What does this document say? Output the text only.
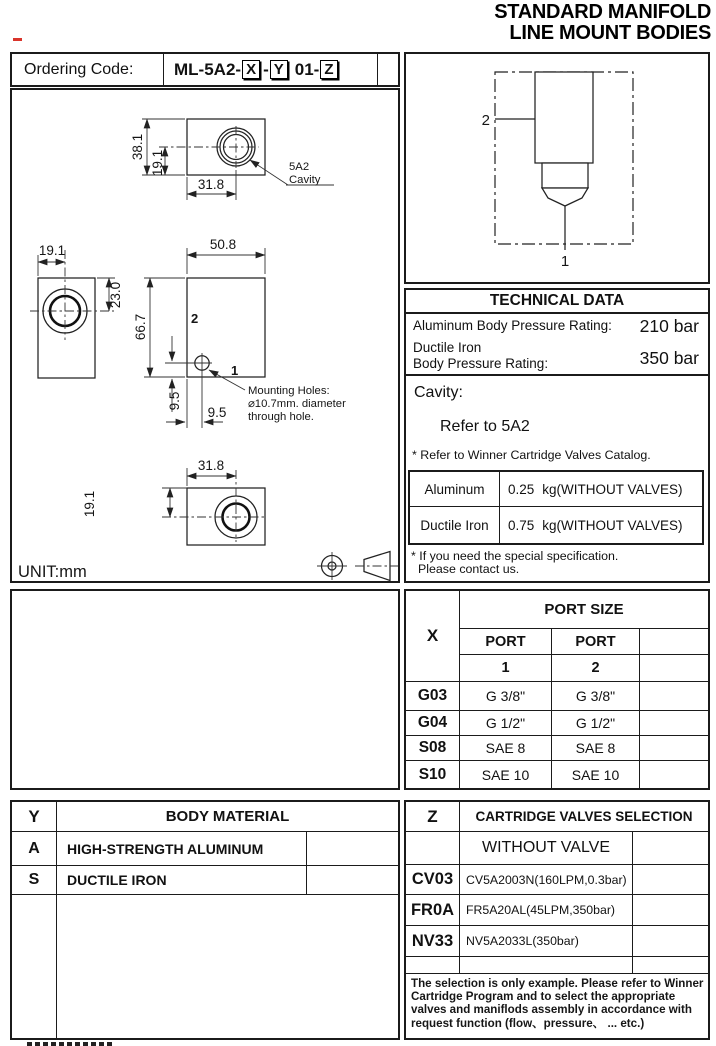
STANDARD MANIFOLD
LINE MOUNT BODIES
Ordering Code:	ML-5A2- X - Y 01- Z
38.1
19.1
31.8
5A2
Cavity
19.1
23.0
50.8
66.7	2
1
9.5
9.5
Mounting Holes:
⌀10.7mm. diameter
through hole.
31.8
19.1
UNIT:mm
2
1
TECHNICAL DATA
Aluminum Body Pressure Rating: 210 bar
Ductile Iron
Body Pressure Rating:	350 bar
Cavity:
Refer to 5A2
* Refer to Winner Cartridge Valves Catalog.
Aluminum	0.25 kg(WITHOUT VALVES)
Ductile Iron	0.75 kg(WITHOUT VALVES)
* If you need the special specification.
Please contact us.
X
PORT SIZE
PORT	PORT
1	2
G03	G 3/8"	G 3/8"
G04	G 1/2"	G 1/2"
S08	SAE 8	SAE 8
S10	SAE 10	SAE 10
Y	BODY MATERIAL
A	HIGH-STRENGTH ALUMINUM
S	DUCTILE IRON
Z	CARTRIDGE VALVES SELECTION
WITHOUT VALVE
CV03	CV5A2003N(160LPM,0.3bar)
FR0A FR5A20AL(45LPM,350bar)
NV33	NV5A2033L(350bar)
The selection is only example. Please refer to Winner Cartridge Program and to select the appropriate valves and maniflods assembly in accordance with request function (flow、pressure、 ... etc.)
